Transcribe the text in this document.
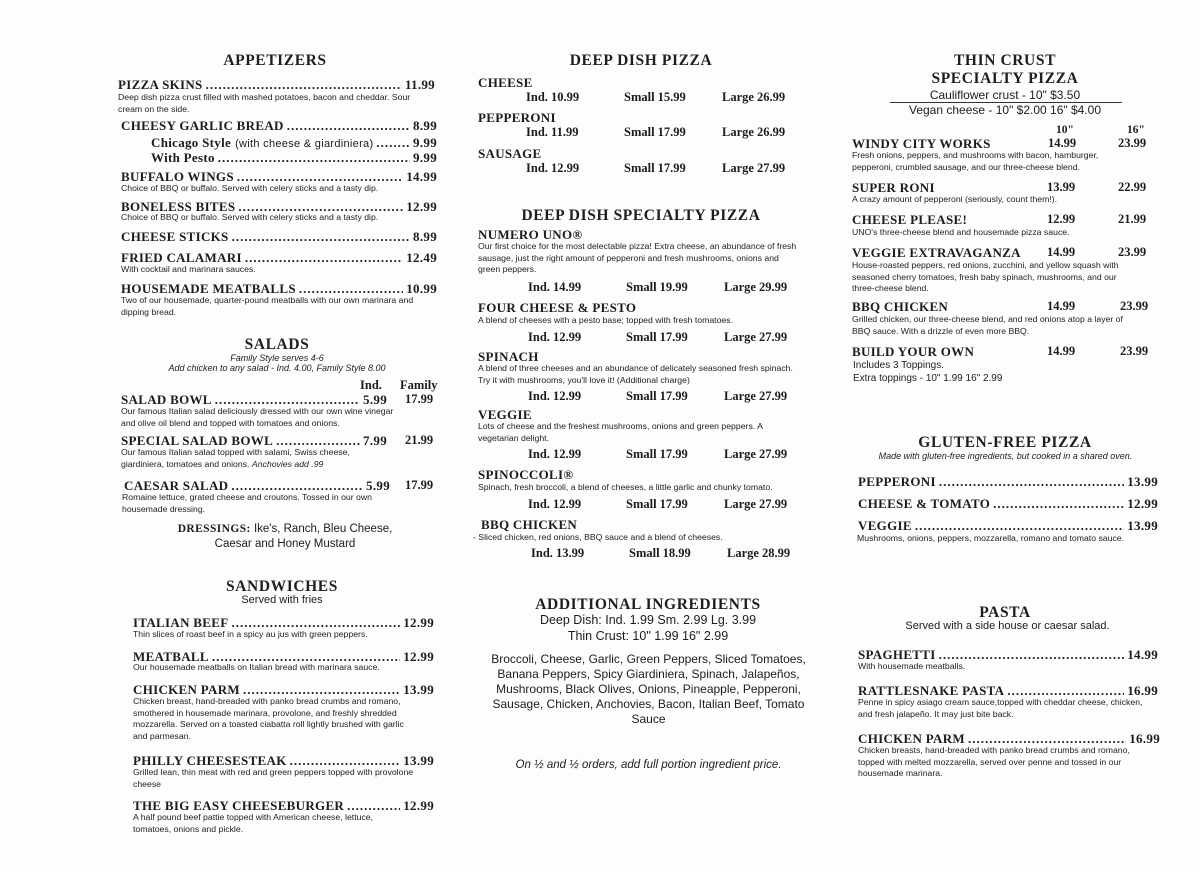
APPETIZERS
PIZZA SKINS .....	11.99
Deep dish pizza crust filled with mashed potatoes, bacon and cheddar. Sour cream on the side.
CHEESY GARLIC BREAD .....	8.99
Chicago Style (with cheese & giardiniera) .....	9.99
With Pesto .....	9.99
BUFFALO WINGS .....	14.99
Choice of BBQ or buffalo. Served with celery sticks and a tasty dip.
BONELESS BITES .....	12.99
Choice of BBQ or buffalo. Served with celery sticks and a tasty dip.
CHEESE STICKS .....	8.99
FRIED CALAMARI .....	12.49
With cocktail and marinara sauces.
HOUSEMADE MEATBALLS .....	10.99
Two of our housemade, quarter-pound meatballs with our own marinara and dipping bread.
SALADS
Family Style serves 4-6
Add chicken to any salad - Ind. 4.00, Family Style 8.00
Ind. Family
SALAD BOWL .....	5.99 17.99
Our famous Italian salad deliciously dressed with our own wine vinegar and olive oil blend and topped with tomatoes and onions.
SPECIAL SALAD BOWL .....	7.99 21.99
Our famous Italian salad topped with salami, Swiss cheese, giardiniera, tomatoes and onions. Anchovies add .99
CAESAR SALAD .....	5.99 17.99
Romaine lettuce, grated cheese and croutons. Tossed in our own housemade dressing.
DRESSINGS: Ike's, Ranch, Bleu Cheese,
Caesar and Honey Mustard
SANDWICHES
Served with fries
ITALIAN BEEF .....	12.99
Thin slices of roast beef in a spicy au jus with green peppers.
MEATBALL .....	12.99
Our housemade meatballs on Italian bread with marinara sauce.
CHICKEN PARM .....	13.99
Chicken breast, hand-breaded with panko bread crumbs and romano, smothered in housemade marinara, provolone, and freshly shredded mozzarella. Served on a toasted ciabatta roll lightly brushed with garlic and parmesan.
PHILLY CHEESESTEAK .....	13.99
Grilled lean, thin meat with red and green peppers topped with provolone cheese
THE BIG EASY CHEESEBURGER .....	12.99
A half pound beef pattie topped with American cheese, lettuce, tomatoes, onions and pickle.
DEEP DISH PIZZA
CHEESE
Ind. 10.99	Small 15.99	Large 26.99
PEPPERONI
Ind. 11.99	Small 17.99	Large 26.99
SAUSAGE
Ind. 12.99	Small 17.99	Large 27.99
DEEP DISH SPECIALTY PIZZA
NUMERO UNO®
Our first choice for the most delectable pizza! Extra cheese, an abundance of fresh sausage, just the right amount of pepperoni and fresh mushrooms, onions and green peppers.
Ind. 14.99	Small 19.99	Large 29.99
FOUR CHEESE & PESTO
A blend of cheeses with a pesto base; topped with fresh tomatoes.
Ind. 12.99	Small 17.99	Large 27.99
SPINACH
A blend of three cheeses and an abundance of delicately seasoned fresh spinach. Try it with mushrooms, you'll love it! (Additional charge)
Ind. 12.99	Small 17.99	Large 27.99
VEGGIE
Lots of cheese and the freshest mushrooms, onions and green peppers. A vegetarian delight.
Ind. 12.99	Small 17.99	Large 27.99
SPINOCCOLI®
Spinach, fresh broccoli, a blend of cheeses, a little garlic and chunky tomato.
Ind. 12.99	Small 17.99	Large 27.99
BBQ CHICKEN
- Sliced chicken, red onions, BBQ sauce and a blend of cheeses.
Ind. 13.99	Small 18.99	Large 28.99
ADDITIONAL INGREDIENTS
Deep Dish: Ind. 1.99 Sm. 2.99 Lg. 3.99
Thin Crust: 10" 1.99 16" 2.99
Broccoli, Cheese, Garlic, Green Peppers, Sliced Tomatoes, Banana Peppers, Spicy Giardiniera, Spinach, Jalapeños, Mushrooms, Black Olives, Onions, Pineapple, Pepperoni, Sausage, Chicken, Anchovies, Bacon, Italian Beef, Tomato Sauce
On ½ and ½ orders, add full portion ingredient price.
THIN CRUST
SPECIALTY PIZZA
Cauliflower crust - 10" $3.50
Vegan cheese - 10" $2.00 16" $4.00
10"	16"
WINDY CITY WORKS	14.99	23.99
Fresh onions, peppers, and mushrooms with bacon, hamburger, pepperoni, crumbled sausage, and our three-cheese blend.
SUPER RONI	13.99	22.99
A crazy amount of pepperoni (seriously, count them!).
CHEESE PLEASE!	12.99	21.99
UNO's three-cheese blend and housemade pizza sauce.
VEGGIE EXTRAVAGANZA 14.99	23.99
House-roasted peppers, red onions, zucchini, and yellow squash with seasoned cherry tomatoes, fresh baby spinach, mushrooms, and our three-cheese blend.
BBQ CHICKEN	14.99	23.99
Grilled chicken, our three-cheese blend, and red onions atop a layer of BBQ sauce. With a drizzle of even more BBQ.
BUILD YOUR OWN	14.99	23.99
Includes 3 Toppings.
Extra toppings - 10" 1.99 16" 2.99
GLUTEN-FREE PIZZA
Made with gluten-free ingredients, but cooked in a shared oven.
PEPPERONI .....	13.99
CHEESE & TOMATO .....	12.99
VEGGIE .....	13.99
Mushrooms, onions, peppers, mozzarella, romano and tomato sauce.
PASTA
Served with a side house or caesar salad.
SPAGHETTI .....	14.99
With housemade meatballs.
RATTLESNAKE PASTA .....	16.99
Penne in spicy asiago cream sauce,topped with cheddar cheese, chicken, and fresh jalapeño. It may just bite back.
CHICKEN PARM .....	16.99
Chicken breasts, hand-breaded with panko bread crumbs and romano, topped with melted mozzarella, served over penne and tossed in our housemade marinara.
